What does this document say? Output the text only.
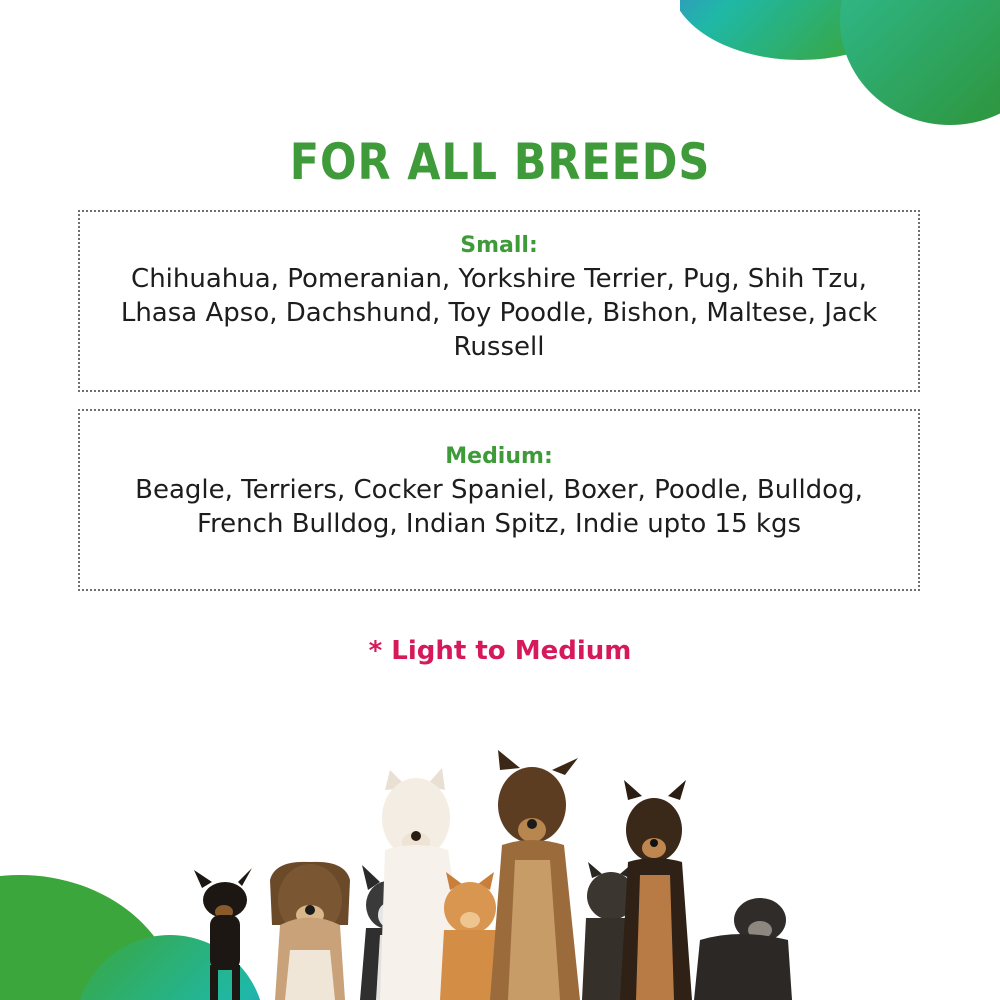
FOR ALL BREEDS
Small:
Chihuahua, Pomeranian, Yorkshire Terrier, Pug, Shih Tzu, Lhasa Apso, Dachshund, Toy Poodle, Bishon, Maltese, Jack Russell
Medium:
Beagle, Terriers, Cocker Spaniel, Boxer, Poodle, Bulldog, French Bulldog, Indian Spitz, Indie upto 15 kgs
* Light to Medium
